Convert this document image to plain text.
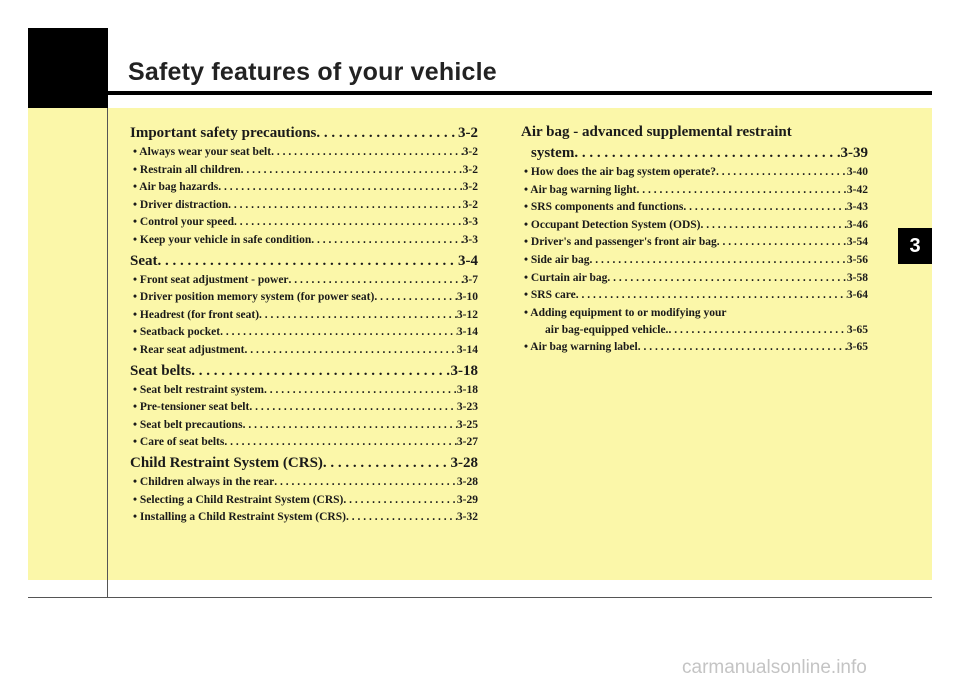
Safety features of your vehicle
3
Important safety precautions . . .	3-2
• Always wear your seat belt . . .	3-2
• Restrain all children . . .	3-2
• Air bag hazards . . .	3-2
• Driver distraction . . .	3-2
• Control your speed . . .	3-3
• Keep your vehicle in safe condition . . .	3-3
Seat . . .	3-4
• Front seat adjustment - power . . .	3-7
• Driver position memory system (for power seat) . . .	3-10
• Headrest (for front seat) . . .	3-12
• Seatback pocket . . .	3-14
• Rear seat adjustment . . .	3-14
Seat belts . . .	3-18
• Seat belt restraint system . . .	3-18
• Pre-tensioner seat belt . . .	3-23
• Seat belt precautions . . .	3-25
• Care of seat belts . . .	3-27
Child Restraint System (CRS) . . .	3-28
• Children always in the rear . . .	3-28
• Selecting a Child Restraint System (CRS) . . .	3-29
• Installing a Child Restraint System (CRS) . . .	3-32
Air bag - advanced supplemental restraint
system . . .	3-39
• How does the air bag system operate? . . .	3-40
• Air bag warning light . . .	3-42
• SRS components and functions . . .	3-43
• Occupant Detection System (ODS) . . .	3-46
• Driver's and passenger's front air bag . . .	3-54
• Side air bag . . .	3-56
• Curtain air bag . . .	3-58
• SRS care . . .	3-64
• Adding equipment to or modifying your
air bag-equipped vehicle. . . .	3-65
• Air bag warning label . . .	3-65
carmanualsonline.info
